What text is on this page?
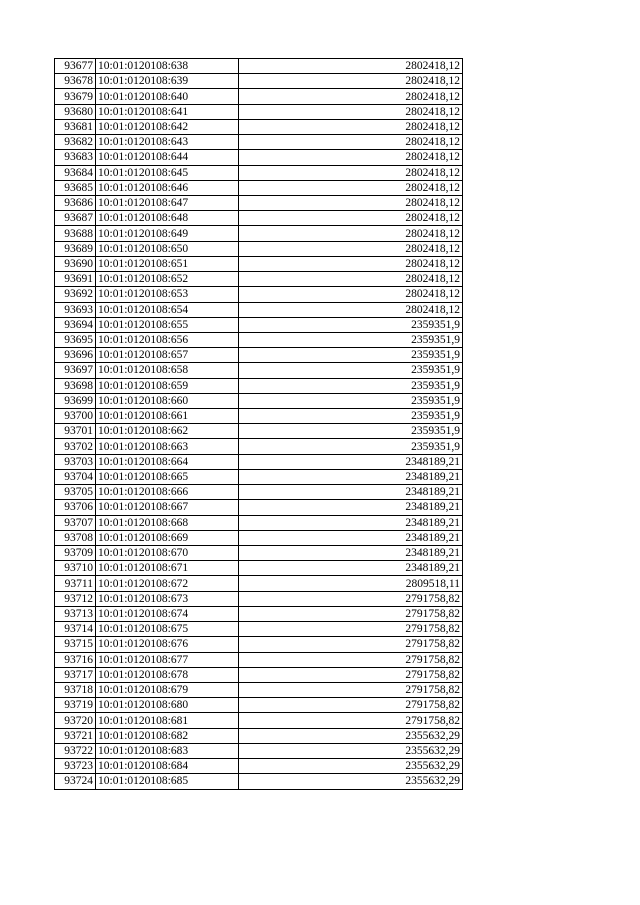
93677	10:01:0120108:638	2802418,12
93678	10:01:0120108:639	2802418,12
93679	10:01:0120108:640	2802418,12
93680	10:01:0120108:641	2802418,12
93681	10:01:0120108:642	2802418,12
93682	10:01:0120108:643	2802418,12
93683	10:01:0120108:644	2802418,12
93684	10:01:0120108:645	2802418,12
93685	10:01:0120108:646	2802418,12
93686	10:01:0120108:647	2802418,12
93687	10:01:0120108:648	2802418,12
93688	10:01:0120108:649	2802418,12
93689	10:01:0120108:650	2802418,12
93690	10:01:0120108:651	2802418,12
93691	10:01:0120108:652	2802418,12
93692	10:01:0120108:653	2802418,12
93693	10:01:0120108:654	2802418,12
93694	10:01:0120108:655	2359351,9
93695	10:01:0120108:656	2359351,9
93696	10:01:0120108:657	2359351,9
93697	10:01:0120108:658	2359351,9
93698	10:01:0120108:659	2359351,9
93699	10:01:0120108:660	2359351,9
93700	10:01:0120108:661	2359351,9
93701	10:01:0120108:662	2359351,9
93702	10:01:0120108:663	2359351,9
93703	10:01:0120108:664	2348189,21
93704	10:01:0120108:665	2348189,21
93705	10:01:0120108:666	2348189,21
93706	10:01:0120108:667	2348189,21
93707	10:01:0120108:668	2348189,21
93708	10:01:0120108:669	2348189,21
93709	10:01:0120108:670	2348189,21
93710	10:01:0120108:671	2348189,21
93711	10:01:0120108:672	2809518,11
93712	10:01:0120108:673	2791758,82
93713	10:01:0120108:674	2791758,82
93714	10:01:0120108:675	2791758,82
93715	10:01:0120108:676	2791758,82
93716	10:01:0120108:677	2791758,82
93717	10:01:0120108:678	2791758,82
93718	10:01:0120108:679	2791758,82
93719	10:01:0120108:680	2791758,82
93720	10:01:0120108:681	2791758,82
93721	10:01:0120108:682	2355632,29
93722	10:01:0120108:683	2355632,29
93723	10:01:0120108:684	2355632,29
93724	10:01:0120108:685	2355632,29
